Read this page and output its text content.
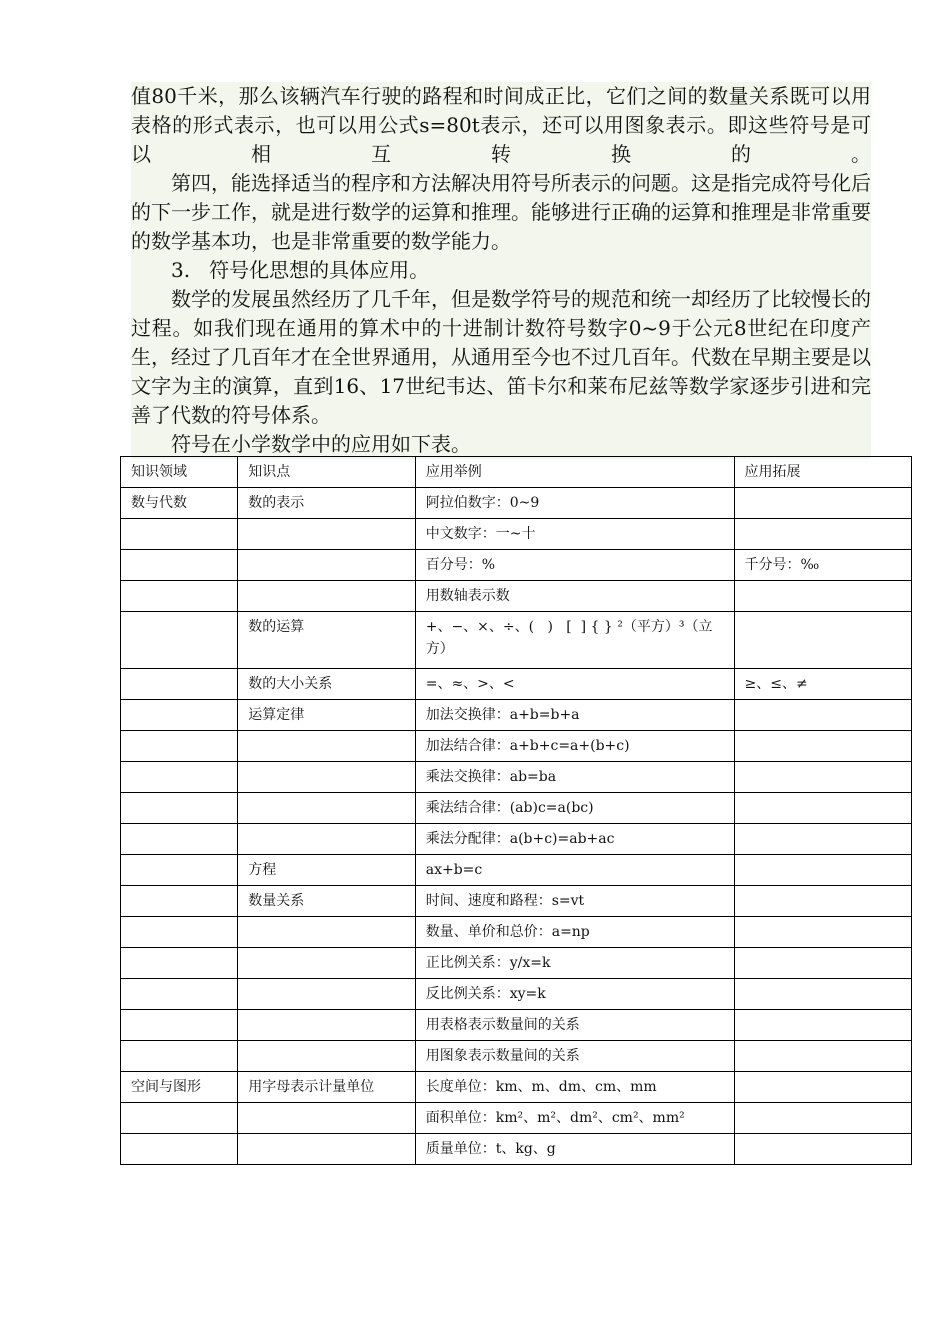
值80千米，那么该辆汽车行驶的路程和时间成正比，它们之间的数量关系既可以用表格的形式表示，也可以用公式s=80t表示，还可以用图象表示。即这些符号是可以相互转换的。

第四，能选择适当的程序和方法解决用符号所表示的问题。这是指完成符号化后的下一步工作，就是进行数学的运算和推理。能够进行正确的运算和推理是非常重要的数学基本功，也是非常重要的数学能力。

3.   符号化思想的具体应用。

数学的发展虽然经历了几千年，但是数学符号的规范和统一却经历了比较慢长的过程。如我们现在通用的算术中的十进制计数符号数字0~9于公元8世纪在印度产生，经过了几百年才在全世界通用，从通用至今也不过几百年。代数在早期主要是以文字为主的演算，直到16、17世纪韦达、笛卡尔和莱布尼兹等数学家逐步引进和完善了代数的符号体系。

符号在小学数学中的应用如下表。

知识领域	知识点	应用举例	应用拓展
数与代数	数的表示	阿拉伯数字：0~9	
		中文数字：一~十	
		百分号：%	千分号：‰
		用数轴表示数	
	数的运算	+、−、×、÷、(   )   [  ] { } ²（平方）³（立方）	
	数的大小关系	=、≈、>、<	≥、≤、≠
	运算定律	加法交换律：a+b=b+a	
		加法结合律：a+b+c=a+(b+c)	
		乘法交换律：ab=ba	
		乘法结合律：(ab)c=a(bc)	
		乘法分配律：a(b+c)=ab+ac	
	方程	ax+b=c	
	数量关系	时间、速度和路程：s=vt	
		数量、单价和总价：a=np	
		正比例关系：y/x=k	
		反比例关系：xy=k	
		用表格表示数量间的关系	
		用图象表示数量间的关系	
空间与图形	用字母表示计量单位	长度单位：km、m、dm、cm、mm	
		面积单位：km²、m²、dm²、cm²、mm²	
		质量单位：t、kg、g	
